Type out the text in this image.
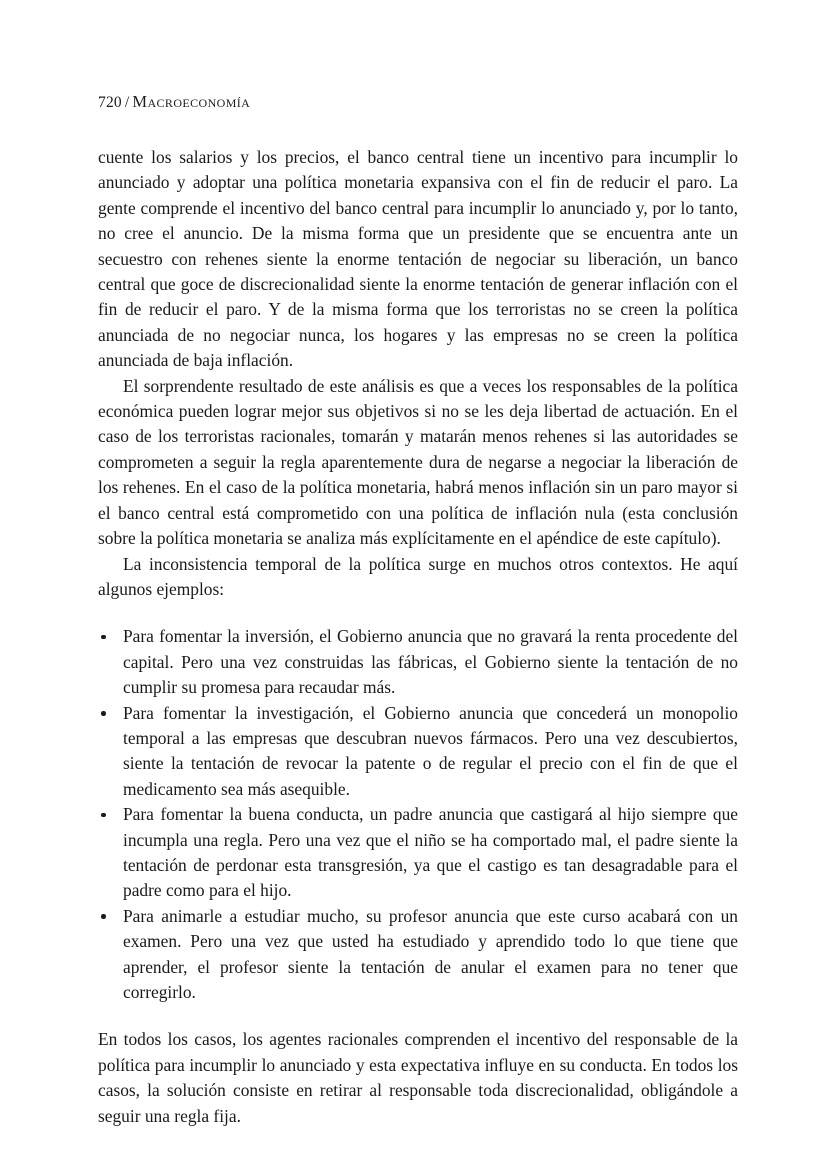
720 / Macroeconomía

cuente los salarios y los precios, el banco central tiene un incentivo para incumplir lo anunciado y adoptar una política monetaria expansiva con el fin de reducir el paro. La gente comprende el incentivo del banco central para incumplir lo anunciado y, por lo tanto, no cree el anuncio. De la misma forma que un presidente que se encuentra ante un secuestro con rehenes siente la enorme tentación de negociar su liberación, un banco central que goce de discrecionalidad siente la enorme tentación de generar inflación con el fin de reducir el paro. Y de la misma forma que los terroristas no se creen la política anunciada de no negociar nunca, los hogares y las empresas no se creen la política anunciada de baja inflación.

El sorprendente resultado de este análisis es que a veces los responsables de la política económica pueden lograr mejor sus objetivos si no se les deja libertad de actuación. En el caso de los terroristas racionales, tomarán y matarán menos rehenes si las autoridades se comprometen a seguir la regla aparentemente dura de negarse a negociar la liberación de los rehenes. En el caso de la política monetaria, habrá menos inflación sin un paro mayor si el banco central está comprometido con una política de inflación nula (esta conclusión sobre la política monetaria se analiza más explícitamente en el apéndice de este capítulo).

La inconsistencia temporal de la política surge en muchos otros contextos. He aquí algunos ejemplos:

Para fomentar la inversión, el Gobierno anuncia que no gravará la renta procedente del capital. Pero una vez construidas las fábricas, el Gobierno siente la tentación de no cumplir su promesa para recaudar más.
Para fomentar la investigación, el Gobierno anuncia que concederá un monopolio temporal a las empresas que descubran nuevos fármacos. Pero una vez descubiertos, siente la tentación de revocar la patente o de regular el precio con el fin de que el medicamento sea más asequible.
Para fomentar la buena conducta, un padre anuncia que castigará al hijo siempre que incumpla una regla. Pero una vez que el niño se ha comportado mal, el padre siente la tentación de perdonar esta transgresión, ya que el castigo es tan desagradable para el padre como para el hijo.
Para animarle a estudiar mucho, su profesor anuncia que este curso acabará con un examen. Pero una vez que usted ha estudiado y aprendido todo lo que tiene que aprender, el profesor siente la tentación de anular el examen para no tener que corregirlo.

En todos los casos, los agentes racionales comprenden el incentivo del responsable de la política para incumplir lo anunciado y esta expectativa influye en su conducta. En todos los casos, la solución consiste en retirar al responsable toda discrecionalidad, obligándole a seguir una regla fija.
